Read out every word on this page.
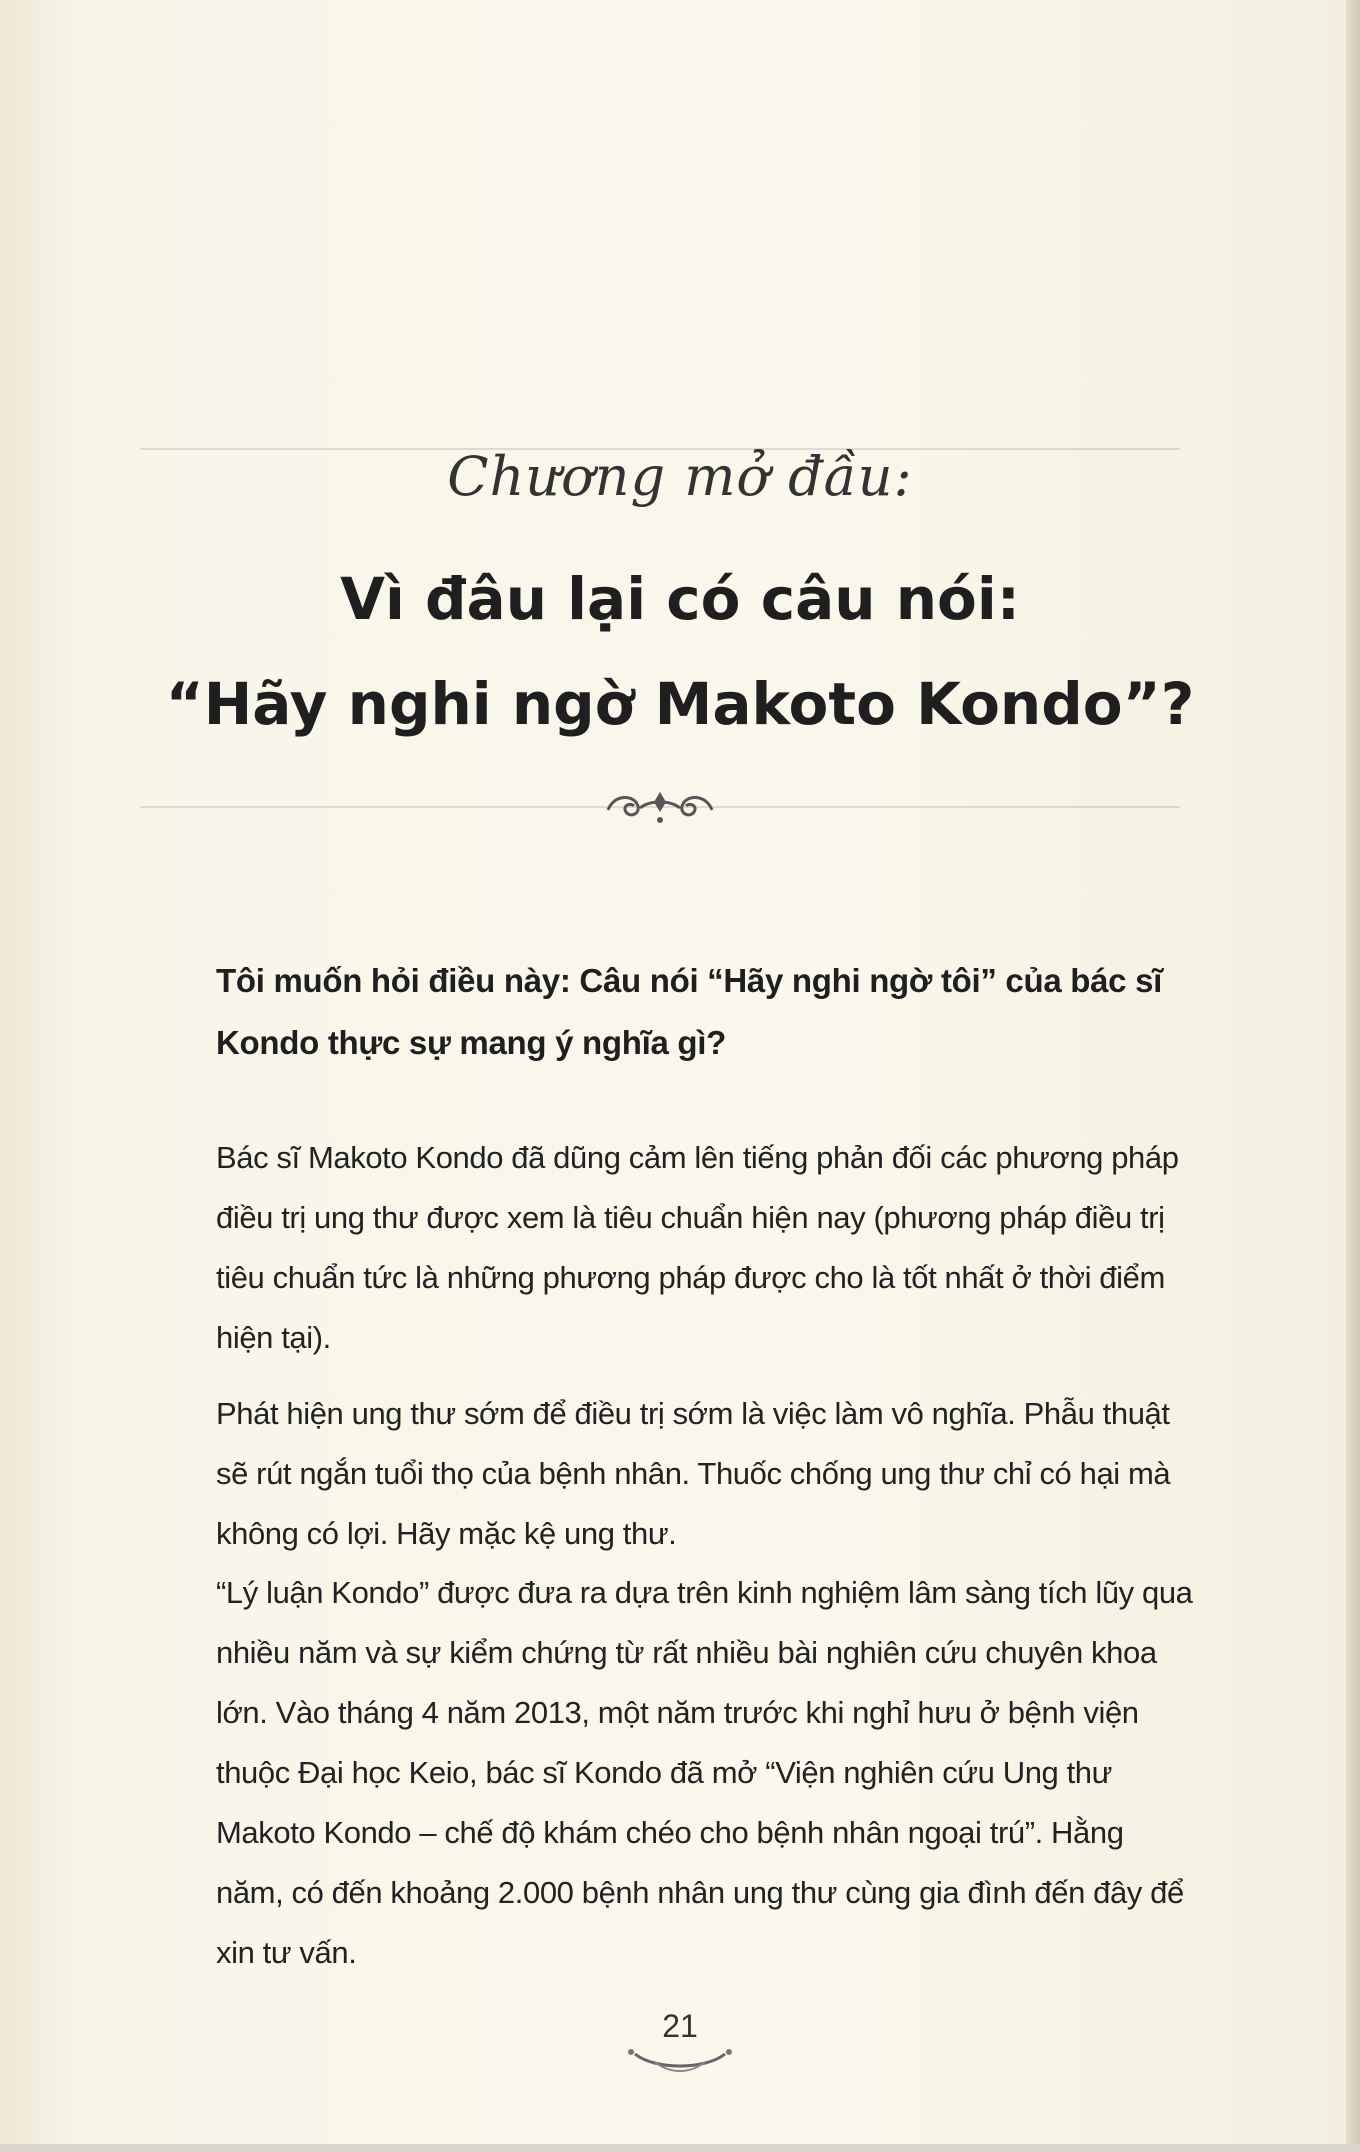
Chương mở đầu:
Vì đâu lại có câu nói:
“Hãy nghi ngờ Makoto Kondo”?
Tôi muốn hỏi điều này: Câu nói “Hãy nghi ngờ tôi” của bác sĩ Kondo thực sự mang ý nghĩa gì?
Bác sĩ Makoto Kondo đã dũng cảm lên tiếng phản đối các phương pháp điều trị ung thư được xem là tiêu chuẩn hiện nay (phương pháp điều trị tiêu chuẩn tức là những phương pháp được cho là tốt nhất ở thời điểm hiện tại).
Phát hiện ung thư sớm để điều trị sớm là việc làm vô nghĩa. Phẫu thuật sẽ rút ngắn tuổi thọ của bệnh nhân. Thuốc chống ung thư chỉ có hại mà không có lợi. Hãy mặc kệ ung thư.
“Lý luận Kondo” được đưa ra dựa trên kinh nghiệm lâm sàng tích lũy qua nhiều năm và sự kiểm chứng từ rất nhiều bài nghiên cứu chuyên khoa lớn. Vào tháng 4 năm 2013, một năm trước khi nghỉ hưu ở bệnh viện thuộc Đại học Keio, bác sĩ Kondo đã mở “Viện nghiên cứu Ung thư Makoto Kondo – chế độ khám chéo cho bệnh nhân ngoại trú”. Hằng năm, có đến khoảng 2.000 bệnh nhân ung thư cùng gia đình đến đây để xin tư vấn.
21
